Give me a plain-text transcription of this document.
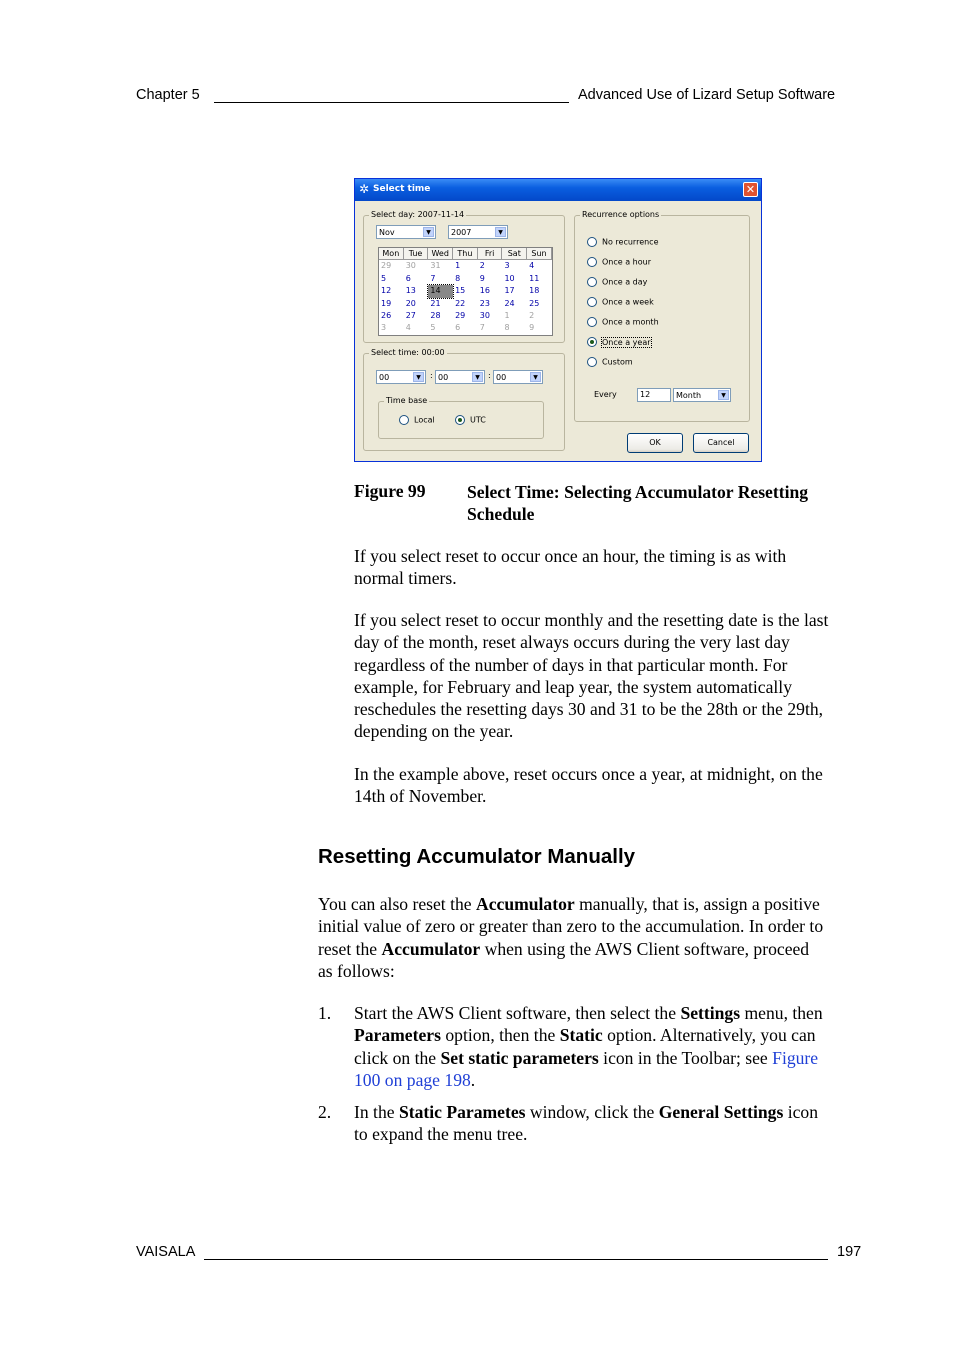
Chapter 5	Advanced Use of Lizard Setup Software
✲ Select time	✕
Select day: 2007-11-14
Nov	▼	2007	▼
Mon	Tue	Wed	Thu	Fri	Sat	Sun
29	30	31	1	2	3	4
5	6	7	8	9	10	11
12	13	14	15	16	17	18
19	20	21	22	23	24	25
26	27	28	29	30	1	2
3	4	5	6	7	8	9
Select time: 00:00
00	▼	: 00	▼	: 00	▼
Time base
Local	UTC
Recurrence options
No recurrence
Once a hour
Once a day
Once a week
Once a month
Once a year
Custom
Every	12	Month	▼
OK	Cancel
Figure 99 Select Time: Selecting Accumulator Resetting
Schedule
If you select reset to occur once an hour, the timing is as with
normal timers.
If you select reset to occur monthly and the resetting date is the last
day of the month, reset always occurs during the very last day
regardless of the number of days in that particular month. For
example, for February and leap year, the system automatically
reschedules the resetting days 30 and 31 to be the 28th or the 29th,
depending on the year.
In the example above, reset occurs once a year, at midnight, on the
14th of November.
Resetting Accumulator Manually
You can also reset the Accumulator manually, that is, assign a positive
initial value of zero or greater than zero to the accumulation. In order to
reset the Accumulator when using the AWS Client software, proceed
as follows:
1. Start the AWS Client software, then select the Settings menu, then
Parameters option, then the Static option. Alternatively, you can
click on the Set static parameters icon in the Toolbar; see Figure
100 on page 198.
2. In the Static Parametes window, click the General Settings icon
to expand the menu tree.
VAISALA	197
